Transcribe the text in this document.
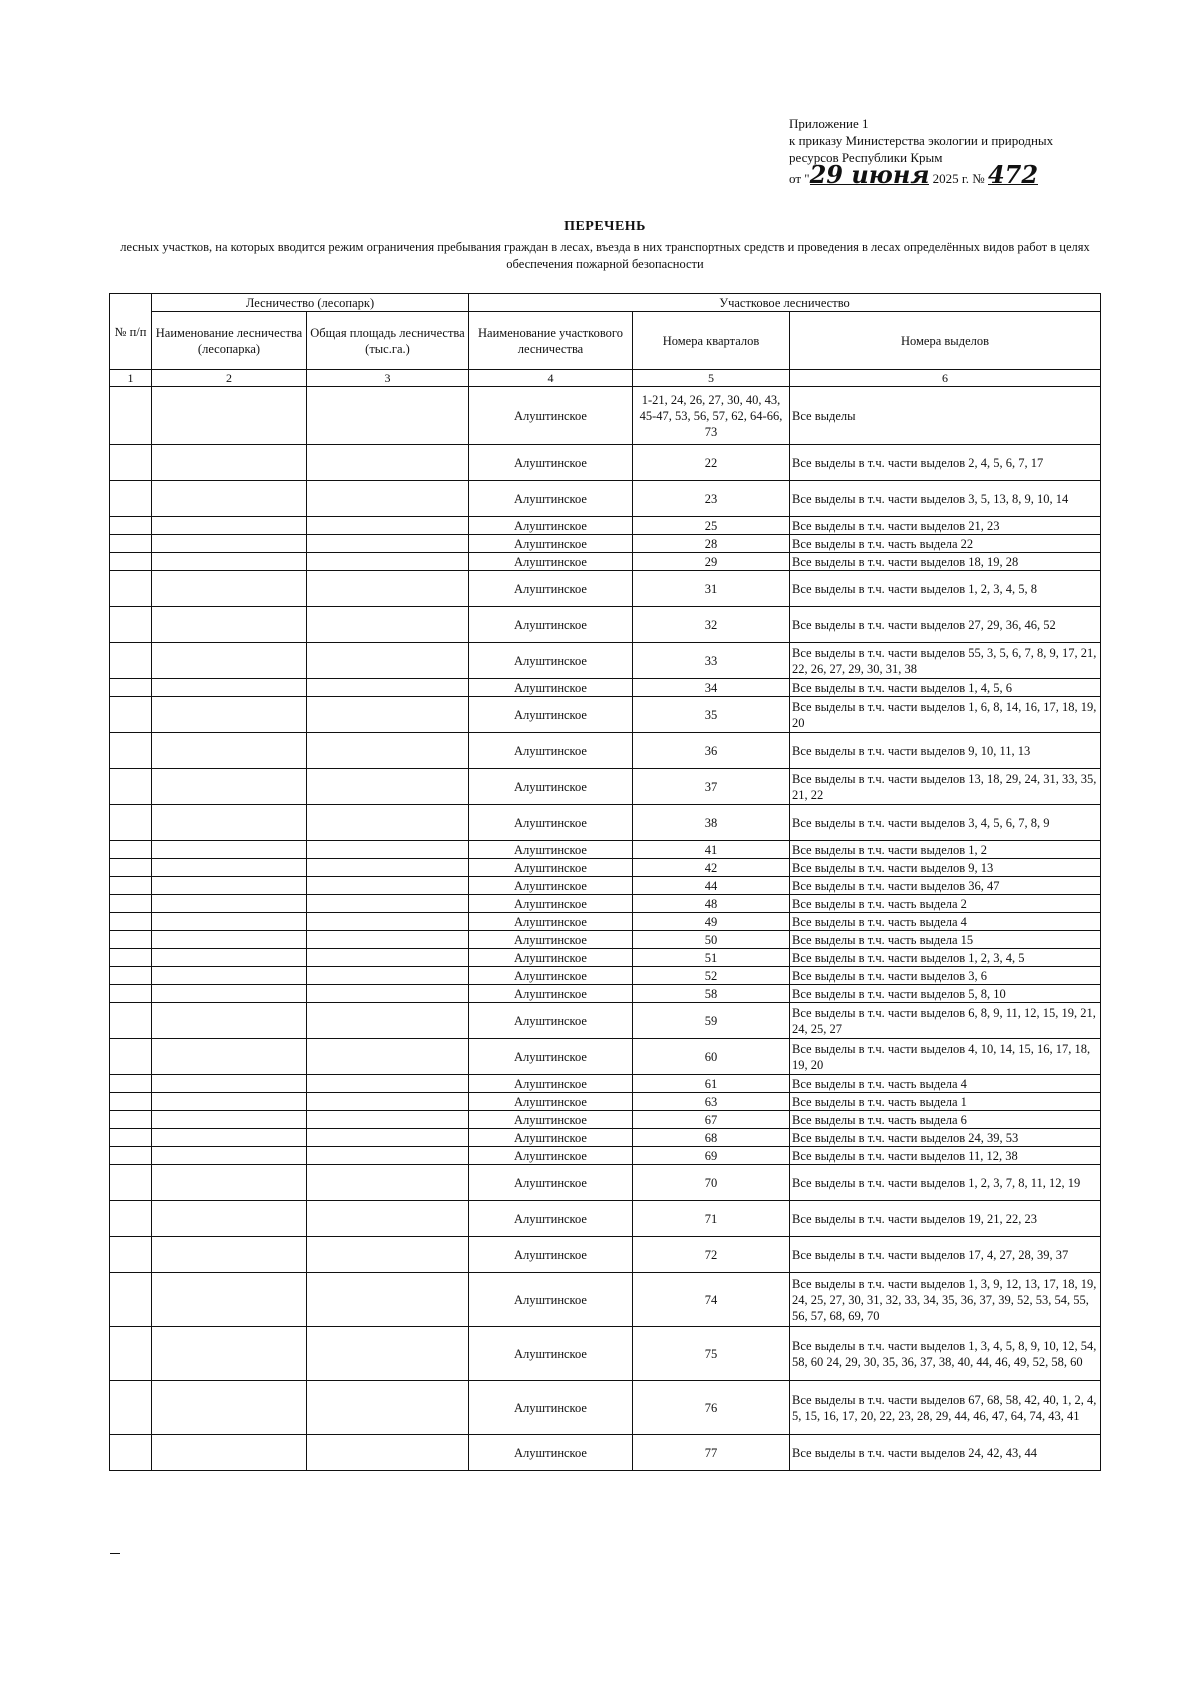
Приложение 1
к приказу Министерства экологии и природных
ресурсов Республики Крым
от "29 июня 2025 г. № 472
ПЕРЕЧЕНЬ
лесных участков, на которых вводится режим ограничения пребывания граждан в лесах, въезда в них транспортных средств и проведения в лесах определённых видов работ в целях обеспечения пожарной безопасности
№ п/п	Лесничество (лесопарк)		Участковое лесничество		
	Наименование лесничества (лесопарка)	Общая площадь лесничества (тыс.га.)	Наименование участкового лесничества	Номера кварталов	Номера выделов
1	2	3	4	5	6
			Алуштинское	1-21, 24, 26, 27, 30, 40, 43, 45-47, 53, 56, 57, 62, 64-66, 73	Все выделы
			Алуштинское	22	Все выделы в т.ч. части выделов 2, 4, 5, 6, 7, 17
			Алуштинское	23	Все выделы в т.ч. части выделов 3, 5, 13, 8, 9, 10, 14
			Алуштинское	25	Все выделы в т.ч. части выделов 21, 23
			Алуштинское	28	Все выделы в т.ч. часть выдела 22
			Алуштинское	29	Все выделы в т.ч. части выделов 18, 19, 28
			Алуштинское	31	Все выделы в т.ч. части выделов 1, 2, 3, 4, 5, 8
			Алуштинское	32	Все выделы в т.ч. части выделов 27, 29, 36, 46, 52
			Алуштинское	33	Все выделы в т.ч. части выделов 55, 3, 5, 6, 7, 8, 9, 17, 21, 22, 26, 27, 29, 30, 31, 38
			Алуштинское	34	Все выделы в т.ч. части выделов 1, 4, 5, 6
			Алуштинское	35	Все выделы в т.ч. части выделов 1, 6, 8, 14, 16, 17, 18, 19, 20
			Алуштинское	36	Все выделы в т.ч. части выделов 9, 10, 11, 13
			Алуштинское	37	Все выделы в т.ч. части выделов 13, 18, 29, 24, 31, 33, 35, 21, 22
			Алуштинское	38	Все выделы в т.ч. части выделов 3, 4, 5, 6, 7, 8, 9
			Алуштинское	41	Все выделы в т.ч. части выделов 1, 2
			Алуштинское	42	Все выделы в т.ч. части выделов 9, 13
			Алуштинское	44	Все выделы в т.ч. части выделов 36, 47
			Алуштинское	48	Все выделы в т.ч. часть выдела 2
			Алуштинское	49	Все выделы в т.ч. часть выдела 4
			Алуштинское	50	Все выделы в т.ч. часть выдела 15
			Алуштинское	51	Все выделы в т.ч. части выделов 1, 2, 3, 4, 5
			Алуштинское	52	Все выделы в т.ч. части выделов 3, 6
			Алуштинское	58	Все выделы в т.ч. части выделов 5, 8, 10
			Алуштинское	59	Все выделы в т.ч. части выделов 6, 8, 9, 11, 12, 15, 19, 21, 24, 25, 27
			Алуштинское	60	Все выделы в т.ч. части выделов 4, 10, 14, 15, 16, 17, 18, 19, 20
			Алуштинское	61	Все выделы в т.ч. часть выдела 4
			Алуштинское	63	Все выделы в т.ч. часть выдела 1
			Алуштинское	67	Все выделы в т.ч. часть выдела 6
			Алуштинское	68	Все выделы в т.ч. части выделов 24, 39, 53
			Алуштинское	69	Все выделы в т.ч. части выделов 11, 12, 38
			Алуштинское	70	Все выделы в т.ч. части выделов 1, 2, 3, 7, 8, 11, 12, 19
			Алуштинское	71	Все выделы в т.ч. части выделов 19, 21, 22, 23
			Алуштинское	72	Все выделы в т.ч. части выделов 17, 4, 27, 28, 39, 37
			Алуштинское	74	Все выделы в т.ч. части выделов 1, 3, 9, 12, 13, 17, 18, 19, 24, 25, 27, 30, 31, 32, 33, 34, 35, 36, 37, 39, 52, 53, 54, 55, 56, 57, 68, 69, 70
			Алуштинское	75	Все выделы в т.ч. части выделов 1, 3, 4, 5, 8, 9, 10, 12, 54, 58, 60 24, 29, 30, 35, 36, 37, 38, 40, 44, 46, 49, 52, 58, 60
			Алуштинское	76	Все выделы в т.ч. части выделов 67, 68, 58, 42, 40, 1, 2, 4, 5, 15, 16, 17, 20, 22, 23, 28, 29, 44, 46, 47, 64, 74, 43, 41
			Алуштинское	77	Все выделы в т.ч. части выделов 24, 42, 43, 44
